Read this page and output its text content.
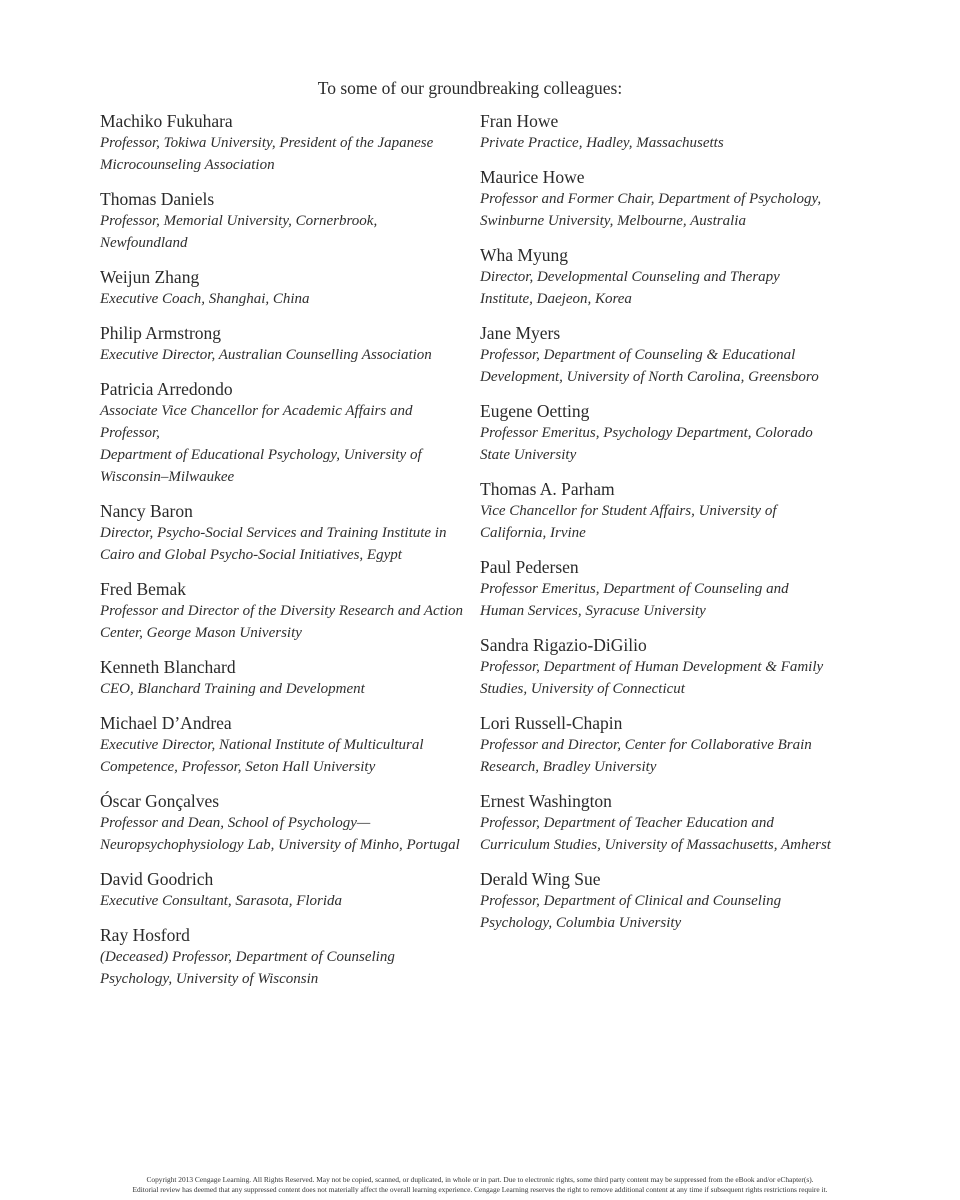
To some of our groundbreaking colleagues:
Machiko Fukuhara
Professor, Tokiwa University, President of the Japanese
Microcounseling Association
Thomas Daniels
Professor, Memorial University, Cornerbrook,
Newfoundland
Weijun Zhang
Executive Coach, Shanghai, China
Philip Armstrong
Executive Director, Australian Counselling Association
Patricia Arredondo
Associate Vice Chancellor for Academic Affairs and Professor,
Department of Educational Psychology, University of
Wisconsin–Milwaukee
Nancy Baron
Director, Psycho-Social Services and Training Institute in
Cairo and Global Psycho-Social Initiatives, Egypt
Fred Bemak
Professor and Director of the Diversity Research and Action
Center, George Mason University
Kenneth Blanchard
CEO, Blanchard Training and Development
Michael D’Andrea
Executive Director, National Institute of Multicultural
Competence, Professor, Seton Hall University
Óscar Gonçalves
Professor and Dean, School of Psychology—
Neuropsychophysiology Lab, University of Minho, Portugal
David Goodrich
Executive Consultant, Sarasota, Florida
Ray Hosford
(Deceased) Professor, Department of Counseling
Psychology, University of Wisconsin
Fran Howe
Private Practice, Hadley, Massachusetts
Maurice Howe
Professor and Former Chair, Department of Psychology,
Swinburne University, Melbourne, Australia
Wha Myung
Director, Developmental Counseling and Therapy
Institute, Daejeon, Korea
Jane Myers
Professor, Department of Counseling & Educational
Development, University of North Carolina, Greensboro
Eugene Oetting
Professor Emeritus, Psychology Department, Colorado
State University
Thomas A. Parham
Vice Chancellor for Student Affairs, University of
California, Irvine
Paul Pedersen
Professor Emeritus, Department of Counseling and
Human Services, Syracuse University
Sandra Rigazio-DiGilio
Professor, Department of Human Development & Family
Studies, University of Connecticut
Lori Russell-Chapin
Professor and Director, Center for Collaborative Brain
Research, Bradley University
Ernest Washington
Professor, Department of Teacher Education and
Curriculum Studies, University of Massachusetts, Amherst
Derald Wing Sue
Professor, Department of Clinical and Counseling
Psychology, Columbia University
Copyright 2013 Cengage Learning. All Rights Reserved. May not be copied, scanned, or duplicated, in whole or in part. Due to electronic rights, some third party content may be suppressed from the eBook and/or eChapter(s).
Editorial review has deemed that any suppressed content does not materially affect the overall learning experience. Cengage Learning reserves the right to remove additional content at any time if subsequent rights restrictions require it.
